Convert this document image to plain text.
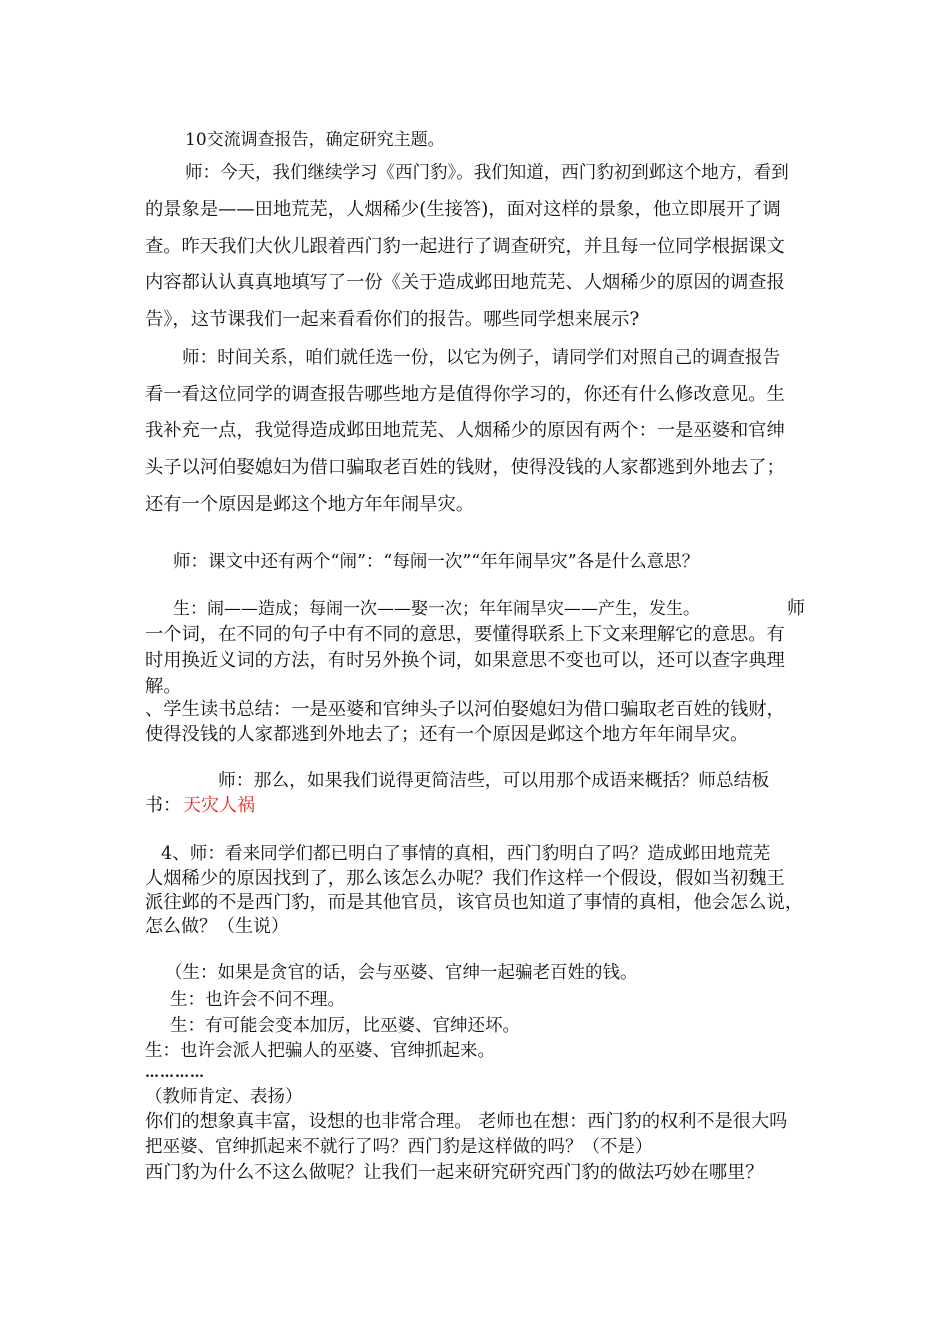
10交流调查报告，确定研究主题。
师：今天，我们继续学习《西门豹》。我们知道，西门豹初到邺这个地方，看到
的景象是——田地荒芜，人烟稀少(生接答)，面对这样的景象，他立即展开了调
查。昨天我们大伙儿跟着西门豹一起进行了调查研究，并且每一位同学根据课文
内容都认认真真地填写了一份《关于造成邺田地荒芜、人烟稀少的原因的调查报
告》，这节课我们一起来看看你们的报告。哪些同学想来展示?
师：时间关系，咱们就任选一份，以它为例子，请同学们对照自己的调查报告
看一看这位同学的调查报告哪些地方是值得你学习的，你还有什么修改意见。生
我补充一点，我觉得造成邺田地荒芜、人烟稀少的原因有两个：一是巫婆和官绅
头子以河伯娶媳妇为借口骗取老百姓的钱财，使得没钱的人家都逃到外地去了；
还有一个原因是邺这个地方年年闹旱灾。
师：课文中还有两个“闹”：“每闹一次”“年年闹旱灾”各是什么意思？
生：闹——造成；每闹一次——娶一次；年年闹旱灾——产生，发生。	师
一个词，在不同的句子中有不同的意思，要懂得联系上下文来理解它的意思。有
时用换近义词的方法，有时另外换个词，如果意思不变也可以，还可以查字典理
解。
、学生读书总结：一是巫婆和官绅头子以河伯娶媳妇为借口骗取老百姓的钱财，
使得没钱的人家都逃到外地去了；还有一个原因是邺这个地方年年闹旱灾。
师：那么，如果我们说得更简洁些，可以用那个成语来概括？师总结板
书： 天灾人祸
4、师：看来同学们都已明白了事情的真相，西门豹明白了吗？造成邺田地荒芜
人烟稀少的原因找到了，那么该怎么办呢？我们作这样一个假设，假如当初魏王
派往邺的不是西门豹，而是其他官员，该官员也知道了事情的真相，他会怎么说，
怎么做？（生说）
（生：如果是贪官的话，会与巫婆、官绅一起骗老百姓的钱。
生：也许会不问不理。
生：有可能会变本加厉，比巫婆、官绅还坏。
生：也许会派人把骗人的巫婆、官绅抓起来。
…………
（教师肯定、表扬）
你们的想象真丰富，设想的也非常合理。 老师也在想：西门豹的权利不是很大吗
把巫婆、官绅抓起来不就行了吗？西门豹是这样做的吗？（不是）
西门豹为什么不这么做呢？让我们一起来研究研究西门豹的做法巧妙在哪里？
